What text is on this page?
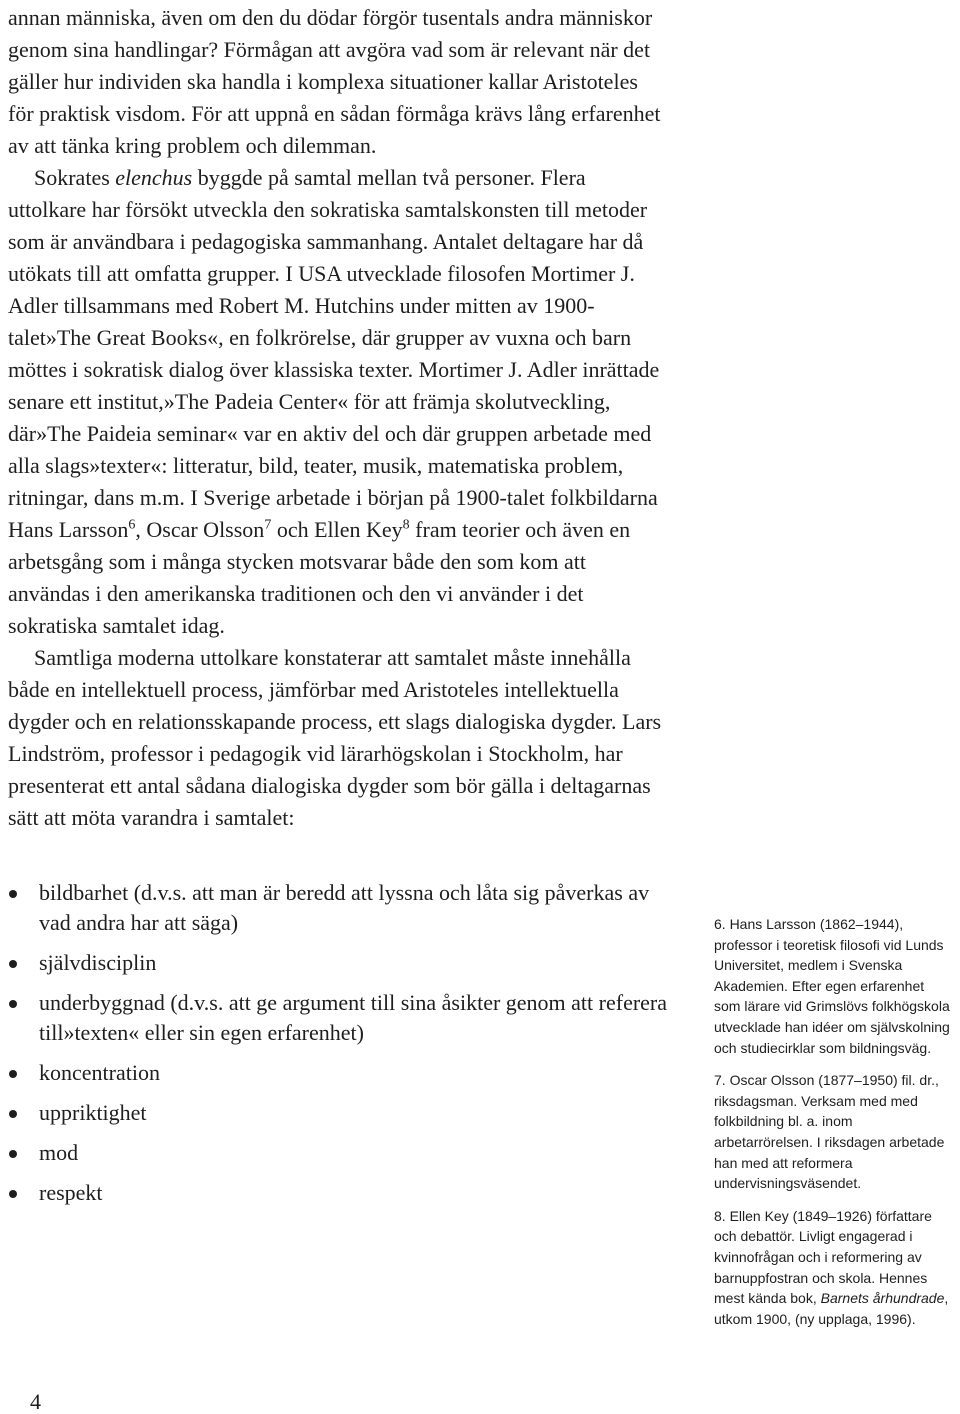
annan människa, även om den du dödar förgör tusentals andra människor genom sina handlingar? Förmågan att avgöra vad som är relevant när det gäller hur individen ska handla i komplexa situationer kallar Aristoteles för praktisk visdom. För att uppnå en sådan förmåga krävs lång erfarenhet av att tänka kring problem och dilemman.

Sokrates elenchus byggde på samtal mellan två personer. Flera uttolkare har försökt utveckla den sokratiska samtalskonsten till metoder som är användbara i pedagogiska sammanhang. Antalet deltagare har då utökats till att omfatta grupper. I USA utvecklade filosofen Mortimer J. Adler tillsammans med Robert M. Hutchins under mitten av 1900-talet»The Great Books«, en folkrörelse, där grupper av vuxna och barn möttes i sokratisk dialog över klassiska texter. Mortimer J. Adler inrättade senare ett institut,»The Padeia Center« för att främja skolutveckling, där»The Paideia seminar« var en aktiv del och där gruppen arbetade med alla slags»texter«: litteratur, bild, teater, musik, matematiska problem, ritningar, dans m.m. I Sverige arbetade i början på 1900-talet folkbildarna Hans Larsson$^6$, Oscar Olsson$^7$ och Ellen Key$^8$ fram teorier och även en arbetsgång som i många stycken motsvarar både den som kom att användas i den amerikanska traditionen och den vi använder i det sokratiska samtalet idag.

Samtliga moderna uttolkare konstaterar att samtalet måste innehålla både en intellektuell process, jämförbar med Aristoteles intellektuella dygder och en relationsskapande process, ett slags dialogiska dygder. Lars Lindström, professor i pedagogik vid lärarhögskolan i Stockholm, har presenterat ett antal sådana dialogiska dygder som bör gälla i deltagarnas sätt att möta varandra i samtalet:

bildbarhet (d.v.s. att man är beredd att lyssna och låta sig påverkas av vad andra har att säga)
självdisciplin
underbyggnad (d.v.s. att ge argument till sina åsikter genom att referera till»texten« eller sin egen erfarenhet)
koncentration
uppriktighet
mod
respekt

6. Hans Larsson (1862–1944), professor i teoretisk filosofi vid Lunds Universitet, medlem i Svenska Akademien. Efter egen erfarenhet som lärare vid Grimslövs folkhögskola utvecklade han idéer om självskolning och studiecirklar som bildningsväg.

7. Oscar Olsson (1877–1950) fil. dr., riksdagsman. Verksam med med folkbildning bl. a. inom arbetarrörelsen. I riksdagen arbetade han med att reformera undervisningsväsendet.

8. Ellen Key (1849–1926) författare och debattör. Livligt engagerad i kvinnofrågan och i reformering av barnuppfostran och skola. Hennes mest kända bok, Barnets århundrade, utkom 1900, (ny upplaga, 1996).

4
